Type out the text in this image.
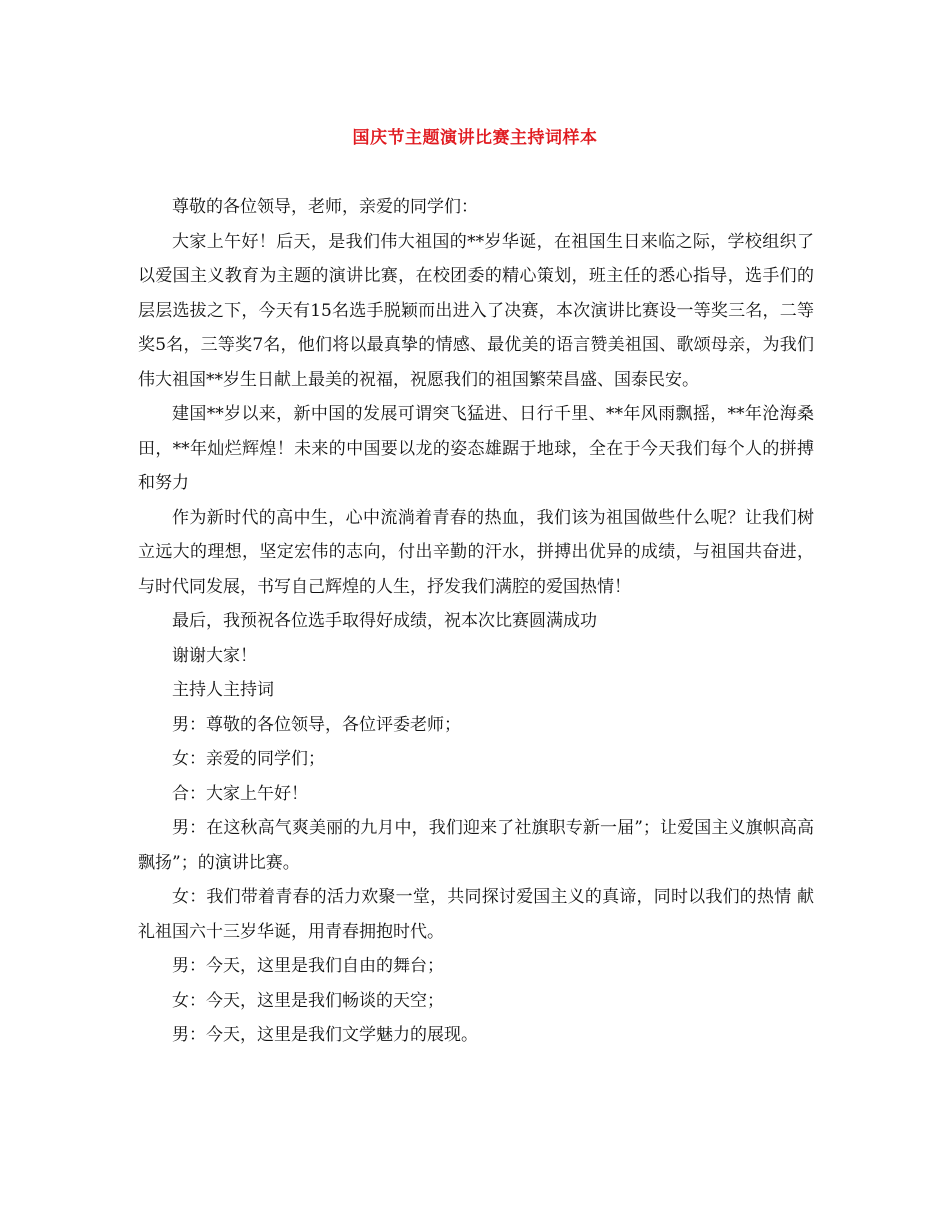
国庆节主题演讲比赛主持词样本

尊敬的各位领导，老师，亲爱的同学们：

大家上午好！后天，是我们伟大祖国的**岁华诞，在祖国生日来临之际，学校组织了以爱国主义教育为主题的演讲比赛，在校团委的精心策划，班主任的悉心指导，选手们的层层选拔之下，今天有15名选手脱颖而出进入了决赛，本次演讲比赛设一等奖三名，二等奖5名，三等奖7名，他们将以最真挚的情感、最优美的语言赞美祖国、歌颂母亲，为我们伟大祖国**岁生日献上最美的祝福，祝愿我们的祖国繁荣昌盛、国泰民安。

建国**岁以来，新中国的发展可谓突飞猛进、日行千里、**年风雨飘摇，**年沧海桑田，**年灿烂辉煌！未来的中国要以龙的姿态雄踞于地球，全在于今天我们每个人的拼搏和努力

作为新时代的高中生，心中流淌着青春的热血，我们该为祖国做些什么呢？让我们树立远大的理想，坚定宏伟的志向，付出辛勤的汗水，拼搏出优异的成绩，与祖国共奋进，与时代同发展，书写自己辉煌的人生，抒发我们满腔的爱国热情！

最后，我预祝各位选手取得好成绩，祝本次比赛圆满成功

谢谢大家！

主持人主持词

男：尊敬的各位领导，各位评委老师；

女：亲爱的同学们；

合：大家上午好！

男：在这秋高气爽美丽的九月中，我们迎来了社旗职专新一届”；让爱国主义旗帜高高飘扬”；的演讲比赛。

女：我们带着青春的活力欢聚一堂，共同探讨爱国主义的真谛，同时以我们的热情 献礼祖国六十三岁华诞，用青春拥抱时代。

男：今天，这里是我们自由的舞台；

女：今天，这里是我们畅谈的天空；

男：今天，这里是我们文学魅力的展现。
